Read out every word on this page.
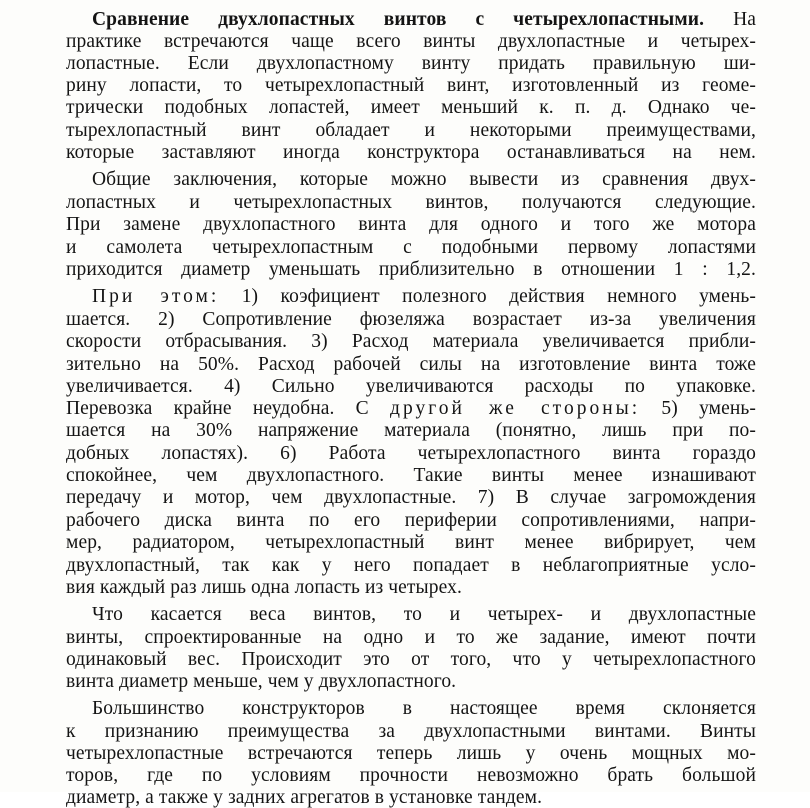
Сравнение двухлопастных винтов с четырехлопастными. На
практике встречаются чаще всего винты двухлопастные и четырех-
лопастные. Если двухлопастному винту придать правильную ши-
рину лопасти, то четырехлопастный винт, изготовленный из геоме-
трически подобных лопастей, имеет меньший к. п. д. Однако че-
тырехлопастный винт обладает и некоторыми преимуществами,
которые заставляют иногда конструктора останавливаться на нем.
Общие заключения, которые можно вывести из сравнения двух-
лопастных и четырехлопастных винтов, получаются следующие.
При замене двухлопастного винта для одного и того же мотора
и самолета четырехлопастным с подобными первому лопастями
приходится диаметр уменьшать приблизительно в отношении 1 : 1,2.
При этом: 1) коэфициент полезного действия немного умень-
шается. 2) Сопротивление фюзеляжа возрастает из-за увеличения
скорости отбрасывания. 3) Расход материала увеличивается прибли-
зительно на 50%. Расход рабочей силы на изготовление винта тоже
увеличивается. 4) Сильно увеличиваются расходы по упаковке.
Перевозка крайне неудобна. С другой же стороны: 5) умень-
шается на 30% напряжение материала (понятно, лишь при по-
добных лопастях). 6) Работа четырехлопастного винта гораздо
спокойнее, чем двухлопастного. Такие винты менее изнашивают
передачу и мотор, чем двухлопастные. 7) В случае загромождения
рабочего диска винта по его периферии сопротивлениями, напри-
мер, радиатором, четырехлопастный винт менее вибрирует, чем
двухлопастный, так как у него попадает в неблагоприятные усло-
вия каждый раз лишь одна лопасть из четырех.
Что касается веса винтов, то и четырех- и двухлопастные
винты, спроектированные на одно и то же задание, имеют почти
одинаковый вес. Происходит это от того, что у четырехлопастного
винта диаметр меньше, чем у двухлопастного.
Большинство конструкторов в настоящее время склоняется
к признанию преимущества за двухлопастными винтами. Винты
четырехлопастные встречаются теперь лишь у очень мощных мо-
торов, где по условиям прочности невозможно брать большой
диаметр, а также у задних агрегатов в установке тандем.
